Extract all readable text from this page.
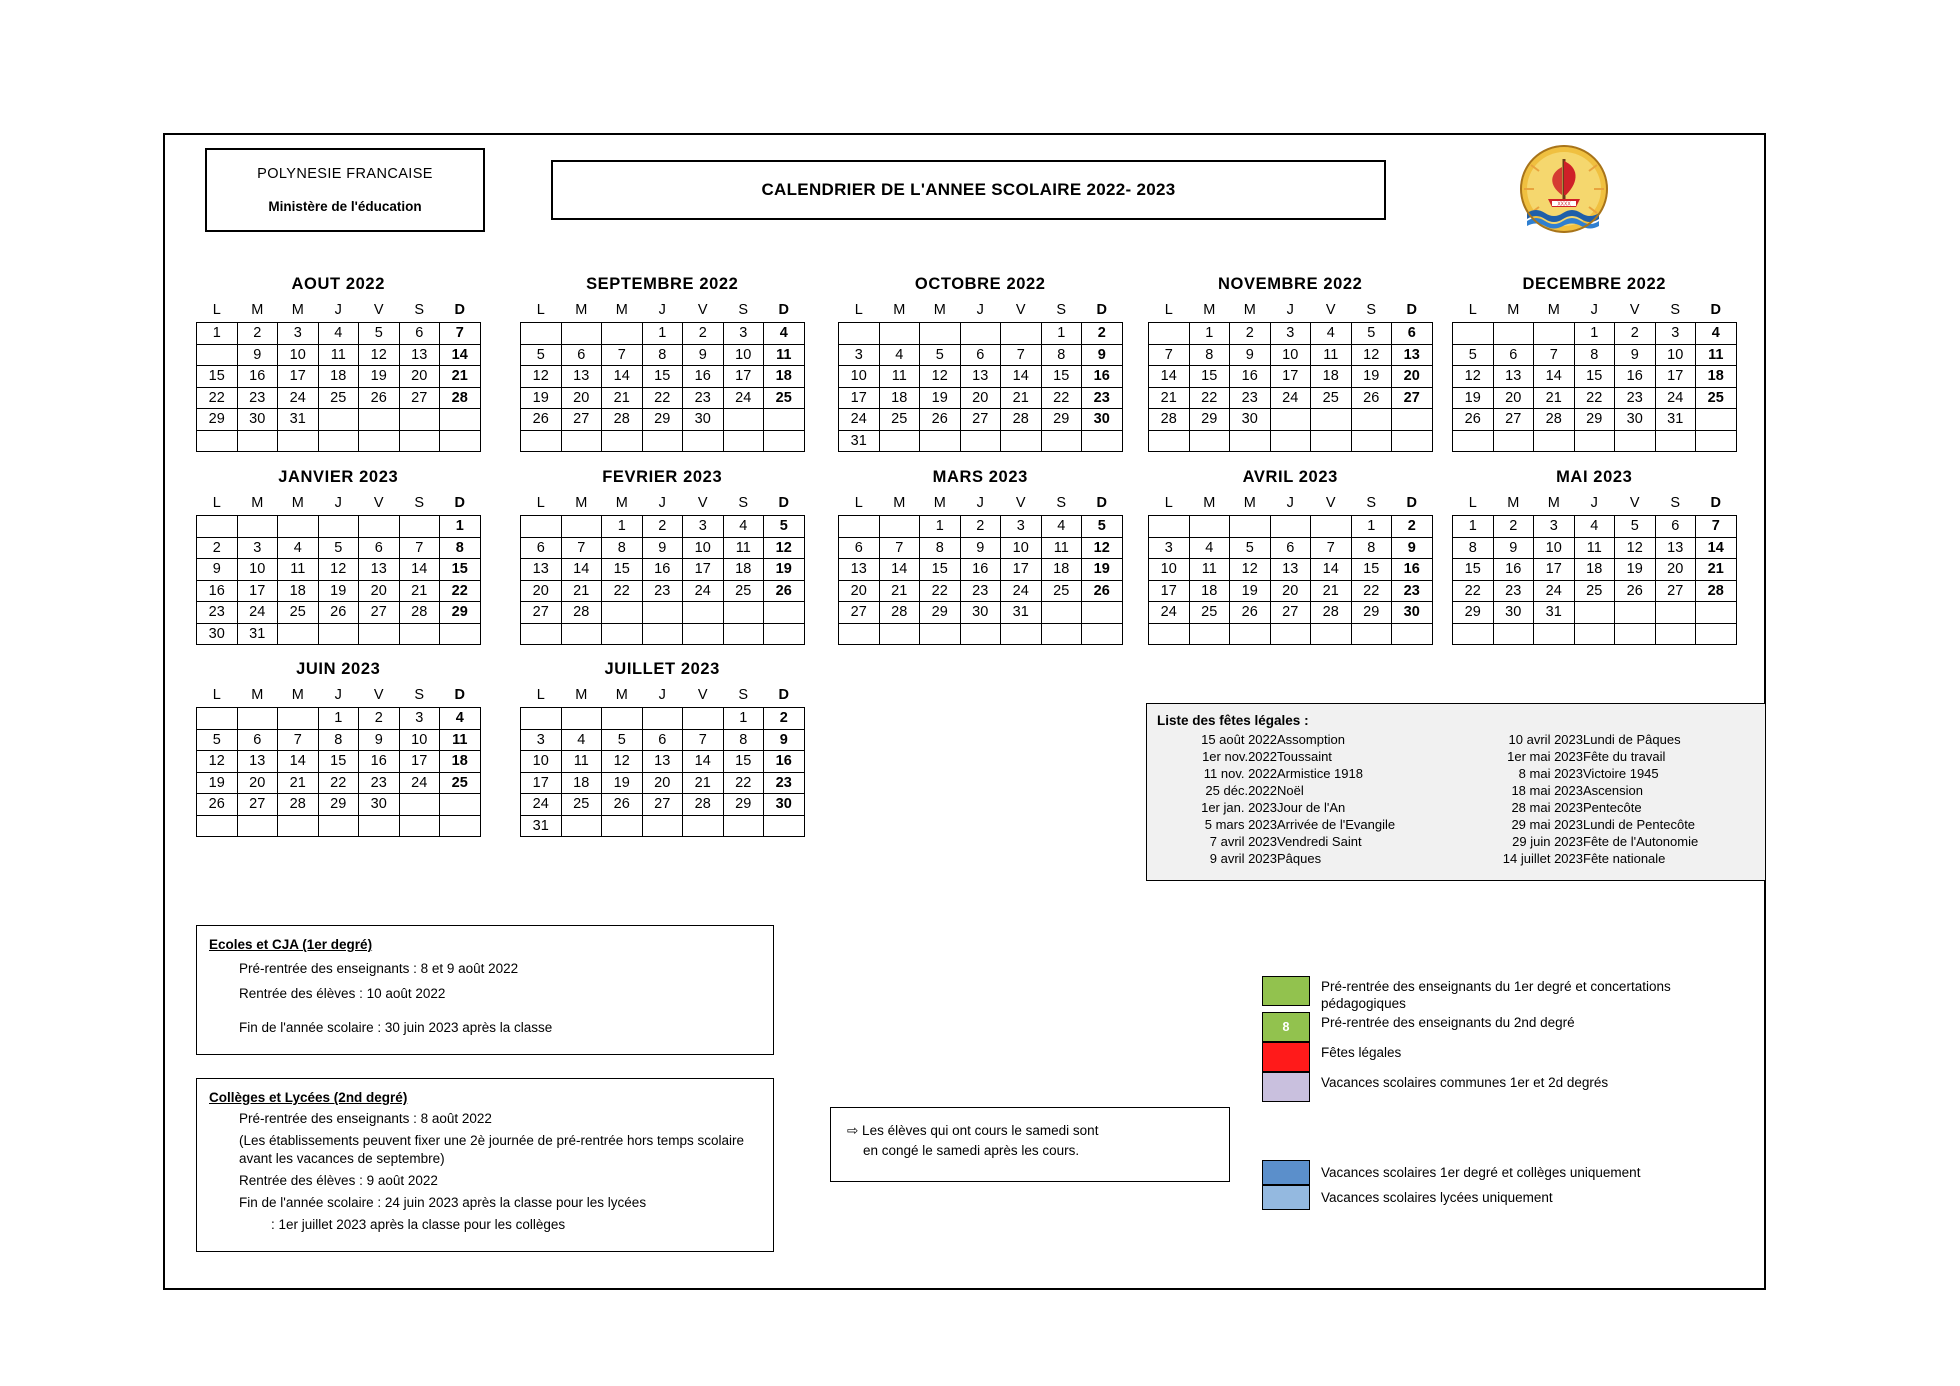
POLYNESIE FRANCAISE
Ministère de l'éducation
CALENDRIER DE L'ANNEE SCOLAIRE 2022- 2023
XXXX
AOUT 2022
L	M	M	J	V	S	D
1	2	3	4	5	6	7
8	9	10	11	12	13	14
15	16	17	18	19	20	21
22	23	24	25	26	27	28
29	30	31				

SEPTEMBRE 2022
L	M	M	J	V	S	D
			1	2	3	4
5	6	7	8	9	10	11
12	13	14	15	16	17	18
19	20	21	22	23	24	25
26	27	28	29	30		

OCTOBRE 2022
L	M	M	J	V	S	D
					1	2
3	4	5	6	7	8	9
10	11	12	13	14	15	16
17	18	19	20	21	22	23
24	25	26	27	28	29	30
31						
NOVEMBRE 2022
L	M	M	J	V	S	D
	1	2	3	4	5	6
7	8	9	10	11	12	13
14	15	16	17	18	19	20
21	22	23	24	25	26	27
28	29	30				

DECEMBRE 2022
L	M	M	J	V	S	D
			1	2	3	4
5	6	7	8	9	10	11
12	13	14	15	16	17	18
19	20	21	22	23	24	25
26	27	28	29	30	31	

JANVIER 2023
L	M	M	J	V	S	D
						1
2	3	4	5	6	7	8
9	10	11	12	13	14	15
16	17	18	19	20	21	22
23	24	25	26	27	28	29
30	31					
FEVRIER 2023
L	M	M	J	V	S	D
		1	2	3	4	5
6	7	8	9	10	11	12
13	14	15	16	17	18	19
20	21	22	23	24	25	26
27	28					

MARS 2023
L	M	M	J	V	S	D
		1	2	3	4	5
6	7	8	9	10	11	12
13	14	15	16	17	18	19
20	21	22	23	24	25	26
27	28	29	30	31		

AVRIL 2023
L	M	M	J	V	S	D
					1	2
3	4	5	6	7	8	9
10	11	12	13	14	15	16
17	18	19	20	21	22	23
24	25	26	27	28	29	30

MAI 2023
L	M	M	J	V	S	D
1	2	3	4	5	6	7
8	9	10	11	12	13	14
15	16	17	18	19	20	21
22	23	24	25	26	27	28
29	30	31				

JUIN 2023
L	M	M	J	V	S	D
			1	2	3	4
5	6	7	8	9	10	11
12	13	14	15	16	17	18
19	20	21	22	23	24	25
26	27	28	29	30		

JUILLET 2023
L	M	M	J	V	S	D
					1	2
3	4	5	6	7	8	9
10	11	12	13	14	15	16
17	18	19	20	21	22	23
24	25	26	27	28	29	30
31						
Liste des fêtes légales :
15 août 2022	Assomption	10 avril 2023	Lundi de Pâques
1er nov.2022	Toussaint	1er mai 2023	Fête du travail
11 nov. 2022	Armistice 1918	8 mai 2023	Victoire 1945
25 déc.2022	Noël	18 mai 2023	Ascension
1er jan. 2023	Jour de l'An	28 mai 2023	Pentecôte
5 mars 2023	Arrivée de l'Evangile	29 mai 2023	Lundi de Pentecôte
7 avril 2023	Vendredi Saint	29 juin 2023	Fête de l'Autonomie
9 avril 2023	Pâques	14 juillet 2023	Fête nationale
Ecoles et CJA (1er degré)
Pré-rentrée des enseignants : 8 et 9 août 2022
Rentrée des élèves : 10 août 2022
Fin de l'année scolaire : 30 juin 2023 après la classe
Collèges et Lycées (2nd degré)
Pré-rentrée des enseignants : 8 août 2022
(Les établissements peuvent fixer une 2è journée de pré-rentrée hors temps scolaire avant les vacances de septembre)
Rentrée des élèves : 9 août 2022
Fin de l'année scolaire : 24 juin 2023 après la classe pour les lycées
: 1er juillet 2023 après la classe pour les collèges

⇨ Les élèves qui ont cours le samedi sont

en congé le samedi après les cours.

Pré-rentrée des enseignants du 1er degré et concertations pédagogiques
8	Pré-rentrée des enseignants du 2nd degré
Fêtes légales
Vacances scolaires communes 1er et 2d degrés
Vacances scolaires 1er degré et collèges uniquement
Vacances scolaires lycées uniquement
